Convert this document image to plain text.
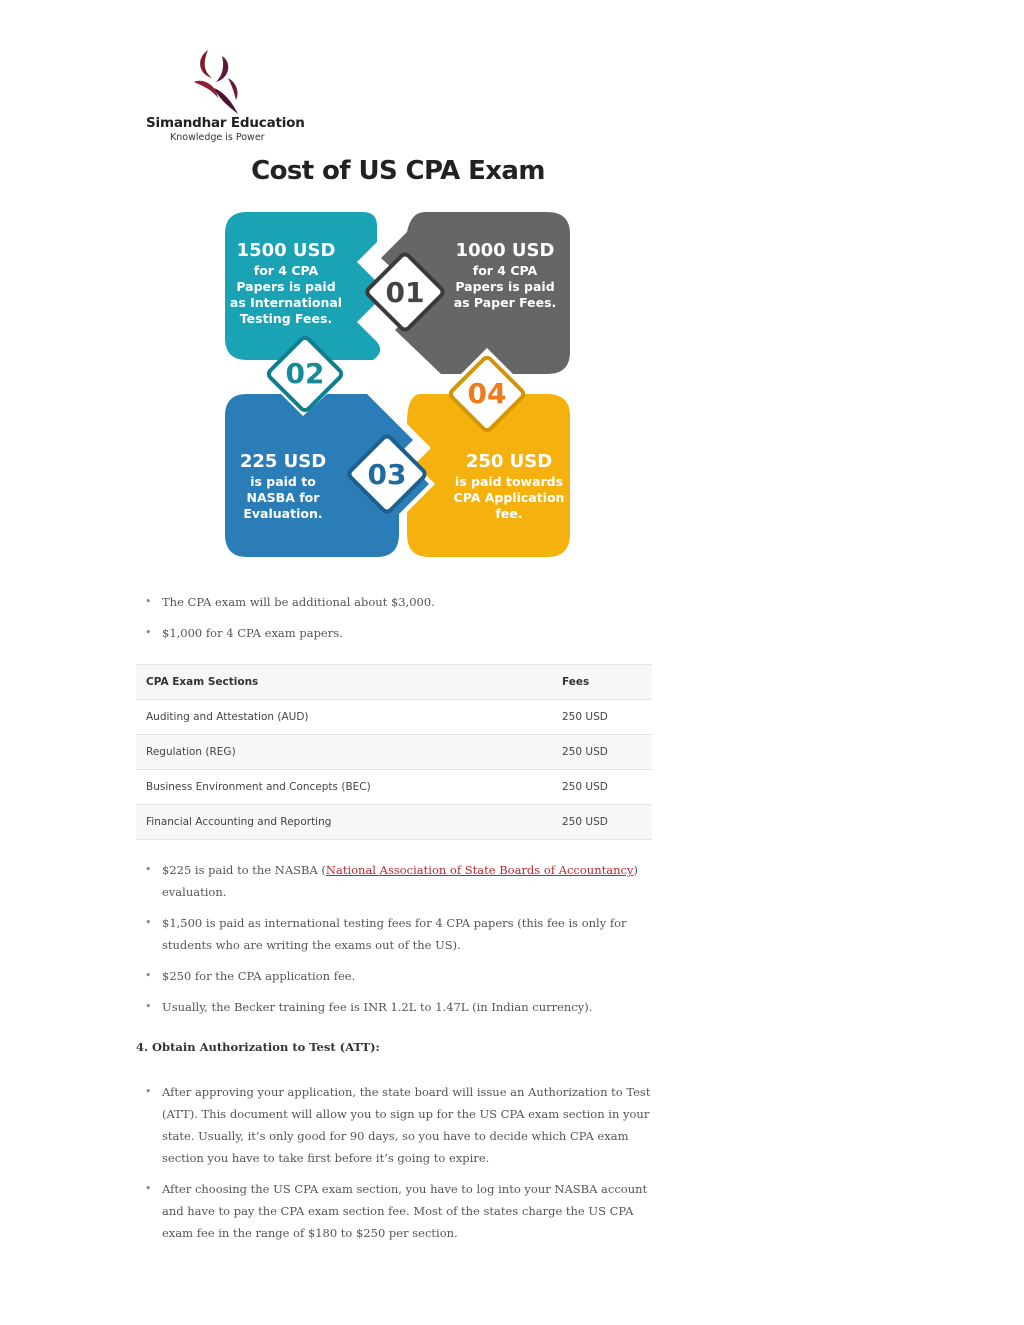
Simandhar Education
Knowledge is Power
Cost of US CPA Exam
01
02
03
04
1500 USD
for 4 CPA
Papers is paid
as International
Testing Fees.
1000 USD
for 4 CPA
Papers is paid
as Paper Fees.
225 USD
is paid to
NASBA for
Evaluation.
250 USD
is paid towards
CPA Application
fee.
• The CPA exam will be additional about $3,000.
• $1,000 for 4 CPA exam papers.
CPA Exam Sections	Fees
Auditing and Attestation (AUD)	250 USD
Regulation (REG)	250 USD
Business Environment and Concepts (BEC)	250 USD
Financial Accounting and Reporting	250 USD
• $225 is paid to the NASBA (National Association of State Boards of Accountancy) evaluation.
• $1,500 is paid as international testing fees for 4 CPA papers (this fee is only for students who are writing the exams out of the US).
• $250 for the CPA application fee.
• Usually, the Becker training fee is INR 1.2L to 1.47L (in Indian currency).
4. Obtain Authorization to Test (ATT):
• After approving your application, the state board will issue an Authorization to Test (ATT). This document will allow you to sign up for the US CPA exam section in your state. Usually, it’s only good for 90 days, so you have to decide which CPA exam section you have to take first before it’s going to expire.
• After choosing the US CPA exam section, you have to log into your NASBA account and have to pay the CPA exam section fee. Most of the states charge the US CPA exam fee in the range of $180 to $250 per section.
